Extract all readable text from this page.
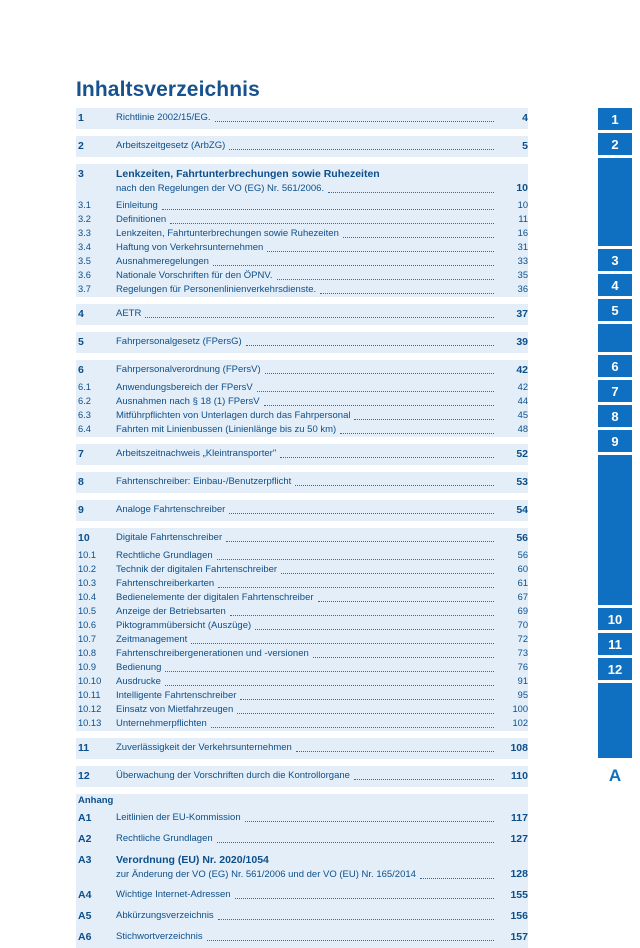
Inhaltsverzeichnis
1	Richtlinie 2002/15/EG.	4
2	Arbeitszeitgesetz (ArbZG)	5
3	Lenkzeiten, Fahrtunterbrechungen sowie Ruhezeiten
nach den Regelungen der VO (EG) Nr. 561/2006.	10
3.1	Einleitung	10
3.2	Definitionen	11
3.3	Lenkzeiten, Fahrtunterbrechungen sowie Ruhezeiten	16
3.4	Haftung von Verkehrsunternehmen	31
3.5	Ausnahmeregelungen	33
3.6	Nationale Vorschriften für den ÖPNV.	35
3.7	Regelungen für Personenlinienverkehrsdienste.	36
4	AETR	37
5	Fahrpersonalgesetz (FPersG)	39
6	Fahrpersonalverordnung (FPersV)	42
6.1	Anwendungsbereich der FPersV	42
6.2	Ausnahmen nach § 18 (1) FPersV	44
6.3	Mitführpflichten von Unterlagen durch das Fahrpersonal	45
6.4	Fahrten mit Linienbussen (Linienlänge bis zu 50 km)	48
7	Arbeitszeitnachweis „Kleintransporter"	52
8	Fahrtenschreiber: Einbau-/Benutzerpflicht	53
9	Analoge Fahrtenschreiber	54
10	Digitale Fahrtenschreiber	56
10.1	Rechtliche Grundlagen	56
10.2	Technik der digitalen Fahrtenschreiber	60
10.3	Fahrtenschreiberkarten	61
10.4	Bedienelemente der digitalen Fahrtenschreiber	67
10.5	Anzeige der Betriebsarten	69
10.6	Piktogrammübersicht (Auszüge)	70
10.7	Zeitmanagement	72
10.8	Fahrtenschreibergenerationen und -versionen	73
10.9	Bedienung	76
10.10	Ausdrucke	91
10.11	Intelligente Fahrtenschreiber	95
10.12	Einsatz von Mietfahrzeugen	100
10.13	Unternehmerpflichten	102
11	Zuverlässigkeit der Verkehrsunternehmen	108
12	Überwachung der Vorschriften durch die Kontrollorgane	110
Anhang
A1	Leitlinien der EU-Kommission	117
A2	Rechtliche Grundlagen	127
A3	Verordnung (EU) Nr. 2020/1054
zur Änderung der VO (EG) Nr. 561/2006 und der VO (EU) Nr. 165/2014	128
A4	Wichtige Internet-Adressen	155
A5	Abkürzungsverzeichnis	156
A6	Stichwortverzeichnis	157
1
2
3
4
5
6
7
8
9
10
11
12
A
